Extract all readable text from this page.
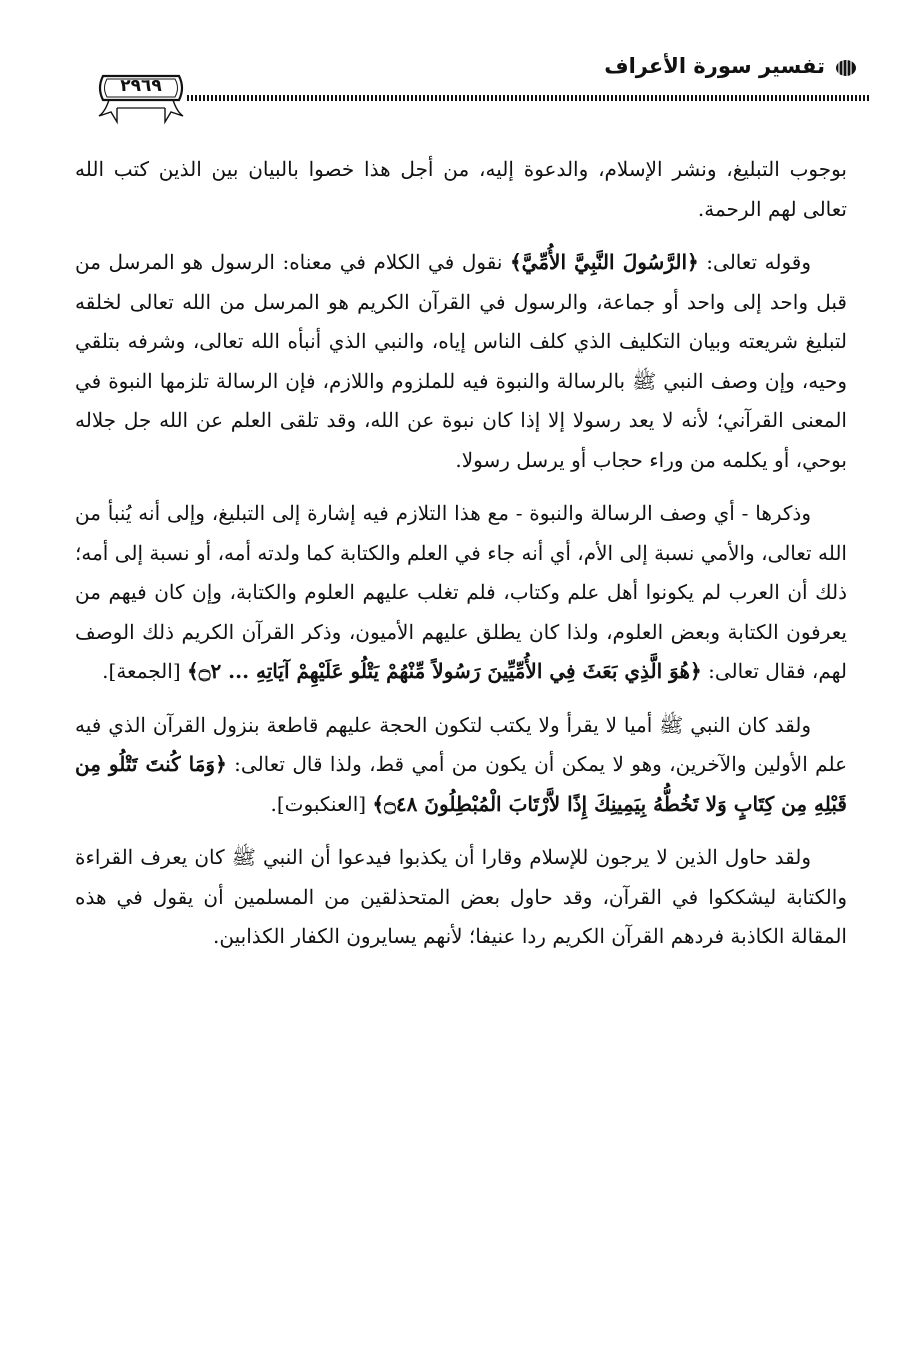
٢٩٦٩
تفسير سورة الأعراف

بوجوب التبليغ، ونشر الإسلام، والدعوة إليه، من أجل هذا خصوا بالبيان بين الذين كتب الله تعالى لهم الرحمة.

وقوله تعالى: ﴿الرَّسُولَ النَّبِيَّ الأُمِّيَّ﴾ نقول في الكلام في معناه: الرسول هو المرسل من قبل واحد إلى واحد أو جماعة، والرسول في القرآن الكريم هو المرسل من الله تعالى لخلقه لتبليغ شريعته وبيان التكليف الذي كلف الناس إياه، والنبي الذي أنبأه الله تعالى، وشرفه بتلقي وحيه، وإن وصف النبي ﷺ بالرسالة والنبوة فيه للملزوم واللازم، فإن الرسالة تلزمها النبوة في المعنى القرآني؛ لأنه لا يعد رسولا إلا إذا كان نبوة عن الله، وقد تلقى العلم عن الله جل جلاله بوحي، أو يكلمه من وراء حجاب أو يرسل رسولا.

وذكرها - أي وصف الرسالة والنبوة - مع هذا التلازم فيه إشارة إلى التبليغ، وإلى أنه يُنبأ من الله تعالى، والأمي نسبة إلى الأم، أي أنه جاء في العلم والكتابة كما ولدته أمه، أو نسبة إلى أمه؛ ذلك أن العرب لم يكونوا أهل علم وكتاب، فلم تغلب عليهم العلوم والكتابة، وإن كان فيهم من يعرفون الكتابة وبعض العلوم، ولذا كان يطلق عليهم الأميون، وذكر القرآن الكريم ذلك الوصف لهم، فقال تعالى: ﴿هُوَ الَّذِي بَعَثَ فِي الأُمِّيِّينَ رَسُولاً مِّنْهُمْ يَتْلُو عَلَيْهِمْ آيَاتِهِ ... ۝٢﴾ [الجمعة].

ولقد كان النبي ﷺ أميا لا يقرأ ولا يكتب لتكون الحجة عليهم قاطعة بنزول القرآن الذي فيه علم الأولين والآخرين، وهو لا يمكن أن يكون من أمي قط، ولذا قال تعالى: ﴿وَمَا كُنتَ تَتْلُو مِن قَبْلِهِ مِن كِتَابٍ وَلا تَخُطُّهُ بِيَمِينِكَ إِذًا لاَّرْتَابَ الْمُبْطِلُونَ ۝٤٨﴾ [العنكبوت].

ولقد حاول الذين لا يرجون للإسلام وقارا أن يكذبوا فيدعوا أن النبي ﷺ كان يعرف القراءة والكتابة ليشككوا في القرآن، وقد حاول بعض المتحذلقين من المسلمين أن يقول في هذه المقالة الكاذبة فردهم القرآن الكريم ردا عنيفا؛ لأنهم يسايرون الكفار الكذابين.
